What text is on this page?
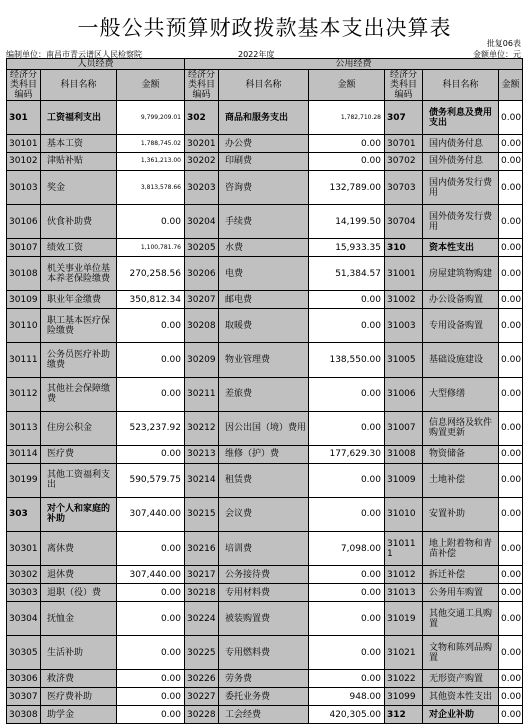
一般公共预算财政拨款基本支出决算表
批复06表
编制单位：南昌市青云谱区人民检察院	2022年度	金额单位：元
人员经费			公用经费					
经济分类科目编码	科目名称	金额	经济分类科目编码	科目名称	金额	经济分类科目编码	科目名称	金额
301	工资福利支出	9,799,209.01	302	商品和服务支出	1,782,710.28	307	债务利息及费用支出	0.00
30101	基本工资	1,788,745.02	30201	办公费	0.00	30701	国内债务付息	0.00
30102	津贴补贴	1,361,213.00	30202	印刷费	0.00	30702	国外债务付息	0.00
30103	奖金	3,813,578.66	30203	咨询费	132,789.00	30703	国内债务发行费用	0.00
30106	伙食补助费	0.00	30204	手续费	14,199.50	30704	国外债务发行费用	0.00
30107	绩效工资	1,100,781.76	30205	水费	15,933.35	310	资本性支出	0.00
30108	机关事业单位基本养老保险缴费	270,258.56	30206	电费	51,384.57	31001	房屋建筑物购建	0.00
30109	职业年金缴费	350,812.34	30207	邮电费	0.00	31002	办公设备购置	0.00
30110	职工基本医疗保险缴费	0.00	30208	取暖费	0.00	31003	专用设备购置	0.00
30111	公务员医疗补助缴费	0.00	30209	物业管理费	138,550.00	31005	基础设施建设	0.00
30112	其他社会保障缴费	0.00	30211	差旅费	0.00	31006	大型修缮	0.00
30113	住房公积金	523,237.92	30212	因公出国（境）费用	0.00	31007	信息网络及软件购置更新	0.00
30114	医疗费	0.00	30213	维修（护）费	177,629.30	31008	物资储备	0.00
30199	其他工资福利支出	590,579.75	30214	租赁费	0.00	31009	土地补偿	0.00
303	对个人和家庭的补助	307,440.00	30215	会议费	0.00	31010	安置补助	0.00
30301	离休费	0.00	30216	培训费	7,098.00	310111	地上附着物和青苗补偿	0.00
30302	退休费	307,440.00	30217	公务接待费	0.00	31012	拆迁补偿	0.00
30303	退职（役）费	0.00	30218	专用材料费	0.00	31013	公务用车购置	0.00
30304	抚恤金	0.00	30224	被装购置费	0.00	31019	其他交通工具购置	0.00
30305	生活补助	0.00	30225	专用燃料费	0.00	31021	文物和陈列品购置	0.00
30306	救济费	0.00	30226	劳务费	0.00	31022	无形资产购置	0.00
30307	医疗费补助	0.00	30227	委托业务费	948.00	31099	其他资本性支出	0.00
30308	助学金	0.00	30228	工会经费	420,305.00	312	对企业补助	0.00
